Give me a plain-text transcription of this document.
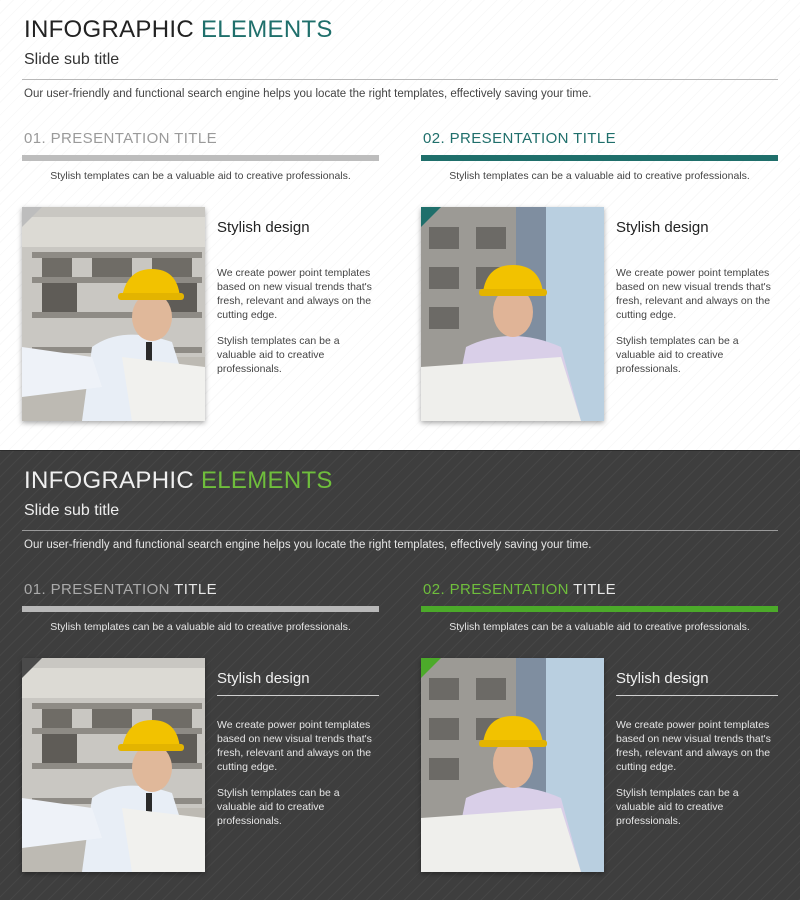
INFOGRAPHIC ELEMENTS
Slide sub title
Our user-friendly and functional search engine helps you locate the right templates, effectively saving your time.
01. PRESENTATION TITLE
Stylish templates can be a valuable aid to creative professionals.
Stylish design
We create power point templates based on new visual trends that's fresh, relevant and always on the cutting edge.
Stylish templates can be a valuable aid to creative professionals.
02. PRESENTATION TITLE
Stylish templates can be a valuable aid to creative professionals.
Stylish design
We create power point templates based on new visual trends that's fresh, relevant and always on the cutting edge.
Stylish templates can be a valuable aid to creative professionals.
INFOGRAPHIC ELEMENTS
Slide sub title
Our user-friendly and functional search engine helps you locate the right templates, effectively saving your time.
01. PRESENTATION TITLE
Stylish templates can be a valuable aid to creative professionals.
Stylish design
We create power point templates based on new visual trends that's fresh, relevant and always on the cutting edge.
Stylish templates can be a valuable aid to creative professionals.
02. PRESENTATION TITLE
Stylish templates can be a valuable aid to creative professionals.
Stylish design
We create power point templates based on new visual trends that's fresh, relevant and always on the cutting edge.
Stylish templates can be a valuable aid to creative professionals.
